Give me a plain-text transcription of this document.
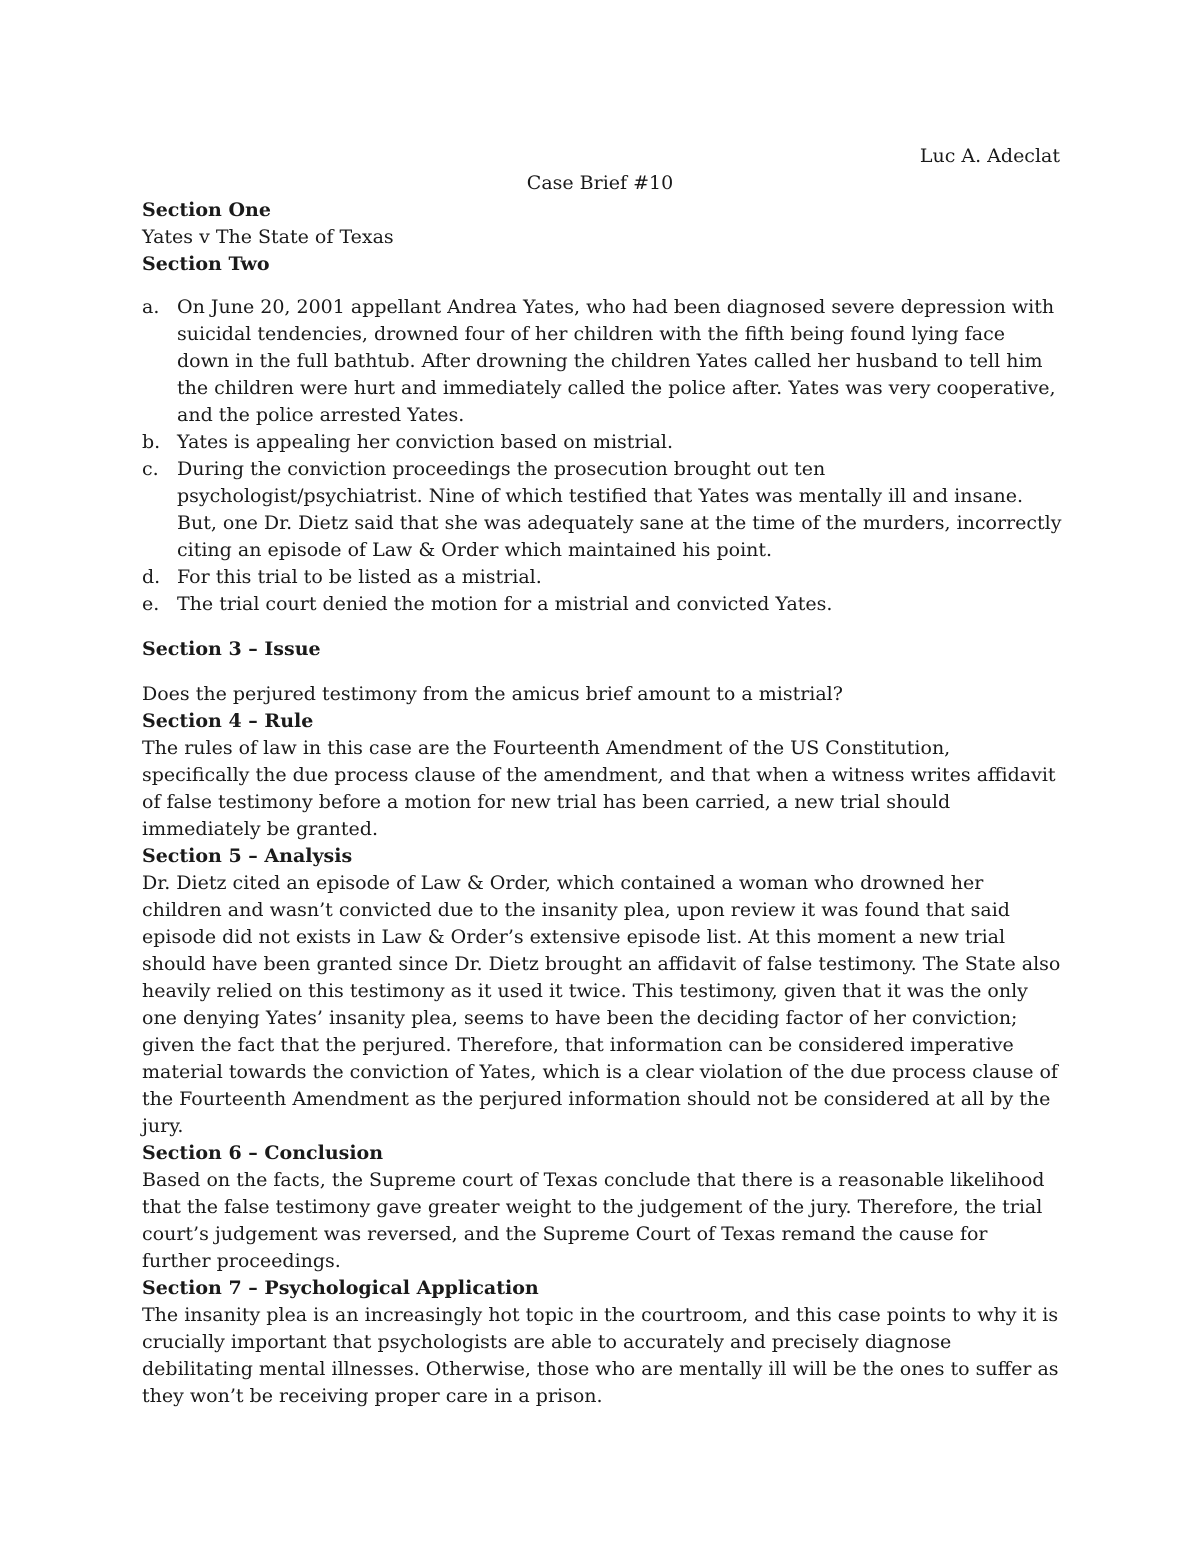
Luc A. Adeclat

Case Brief #10

Section One

Yates v The State of Texas

Section Two

a. On June 20, 2001 appellant Andrea Yates, who had been diagnosed severe depression with suicidal tendencies, drowned four of her children with the fifth being found lying face down in the full bathtub. After drowning the children Yates called her husband to tell him the children were hurt and immediately called the police after. Yates was very cooperative, and the police arrested Yates.
b. Yates is appealing her conviction based on mistrial.
c. During the conviction proceedings the prosecution brought out ten psychologist/psychiatrist. Nine of which testified that Yates was mentally ill and insane. But, one Dr. Dietz said that she was adequately sane at the time of the murders, incorrectly citing an episode of Law & Order which maintained his point.
d. For this trial to be listed as a mistrial.
e. The trial court denied the motion for a mistrial and convicted Yates.

Section 3 – Issue

Does the perjured testimony from the amicus brief amount to a mistrial?

Section 4 – Rule

The rules of law in this case are the Fourteenth Amendment of the US Constitution, specifically the due process clause of the amendment, and that when a witness writes affidavit of false testimony before a motion for new trial has been carried, a new trial should immediately be granted.

Section 5 – Analysis

Dr. Dietz cited an episode of Law & Order, which contained a woman who drowned her children and wasn’t convicted due to the insanity plea, upon review it was found that said episode did not exists in Law & Order’s extensive episode list. At this moment a new trial should have been granted since Dr. Dietz brought an affidavit of false testimony. The State also heavily relied on this testimony as it used it twice. This testimony, given that it was the only one denying Yates’ insanity plea, seems to have been the deciding factor of her conviction; given the fact that the perjured. Therefore, that information can be considered imperative material towards the conviction of Yates, which is a clear violation of the due process clause of the Fourteenth Amendment as the perjured information should not be considered at all by the jury.

Section 6 – Conclusion

Based on the facts, the Supreme court of Texas conclude that there is a reasonable likelihood that the false testimony gave greater weight to the judgement of the jury. Therefore, the trial court’s judgement was reversed, and the Supreme Court of Texas remand the cause for further proceedings.

Section 7 – Psychological Application

The insanity plea is an increasingly hot topic in the courtroom, and this case points to why it is crucially important that psychologists are able to accurately and precisely diagnose debilitating mental illnesses. Otherwise, those who are mentally ill will be the ones to suffer as they won’t be receiving proper care in a prison.
